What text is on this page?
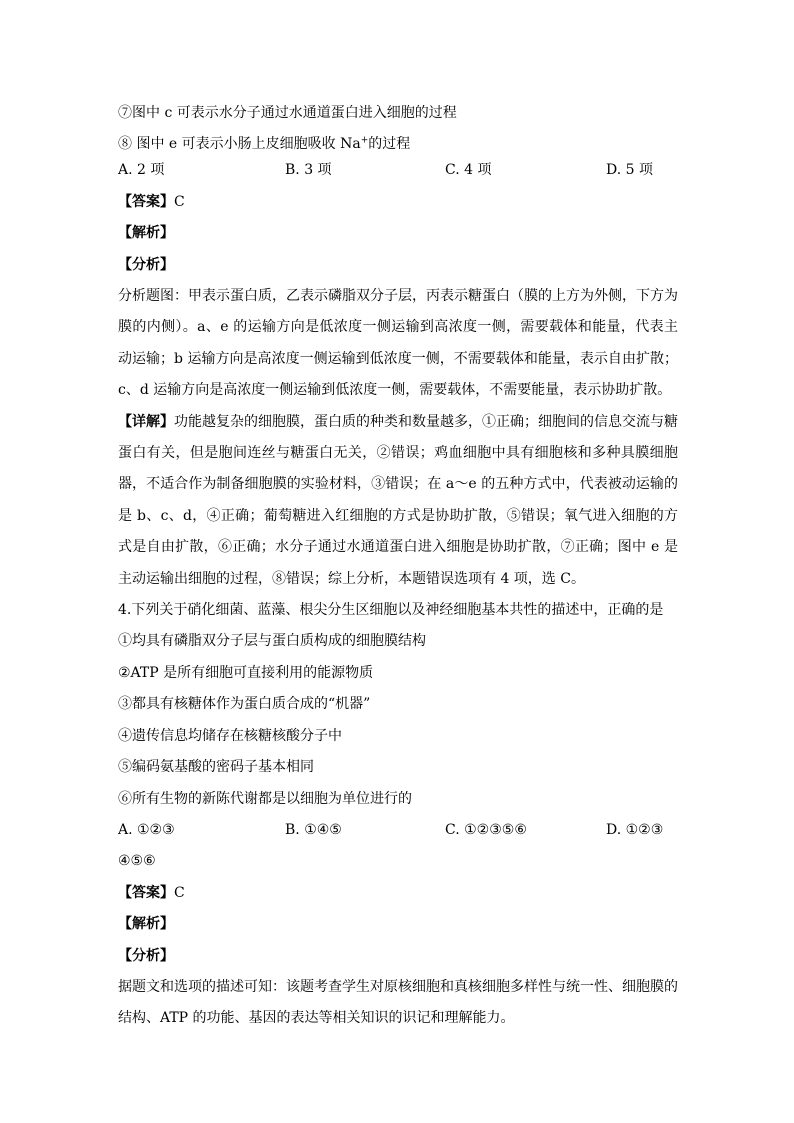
⑦图中 c 可表示水分子通过水通道蛋白进入细胞的过程

⑧ 图中 e 可表示小肠上皮细胞吸收 Na+的过程

A. 2 项	B. 3 项	C. 4 项	D. 5 项
【答案】C
【解析】
【分析】

分析题图：甲表示蛋白质，乙表示磷脂双分子层，丙表示糖蛋白（膜的上方为外侧，下方为膜的内侧）。a、e 的运输方向是低浓度一侧运输到高浓度一侧，需要载体和能量，代表主动运输；b 运输方向是高浓度一侧运输到低浓度一侧，不需要载体和能量，表示自由扩散；c、d 运输方向是高浓度一侧运输到低浓度一侧，需要载体，不需要能量，表示协助扩散。

【详解】功能越复杂的细胞膜，蛋白质的种类和数量越多，①正确；细胞间的信息交流与糖蛋白有关，但是胞间连丝与糖蛋白无关，②错误；鸡血细胞中具有细胞核和多种具膜细胞器，不适合作为制备细胞膜的实验材料，③错误；在 a～e 的五种方式中，代表被动运输的是 b、c、d，④正确；葡萄糖进入红细胞的方式是协助扩散，⑤错误；氧气进入细胞的方式是自由扩散，⑥正确；水分子通过水通道蛋白进入细胞是协助扩散，⑦正确；图中 e 是主动运输出细胞的过程，⑧错误；综上分析，本题错误选项有 4 项，选 C。

4.下列关于硝化细菌、蓝藻、根尖分生区细胞以及神经细胞基本共性的描述中，正确的是
①均具有磷脂双分子层与蛋白质构成的细胞膜结构
②ATP 是所有细胞可直接利用的能源物质
③都具有核糖体作为蛋白质合成的“机器”
④遗传信息均储存在核糖核酸分子中
⑤编码氨基酸的密码子基本相同
⑥所有生物的新陈代谢都是以细胞为单位进行的
A. ①②③	B. ①④⑤	C. ①②③⑤⑥	D. ①②③
④⑤⑥
【答案】C
【解析】
【分析】

据题文和选项的描述可知：该题考查学生对原核细胞和真核细胞多样性与统一性、细胞膜的结构、ATP 的功能、基因的表达等相关知识的识记和理解能力。
